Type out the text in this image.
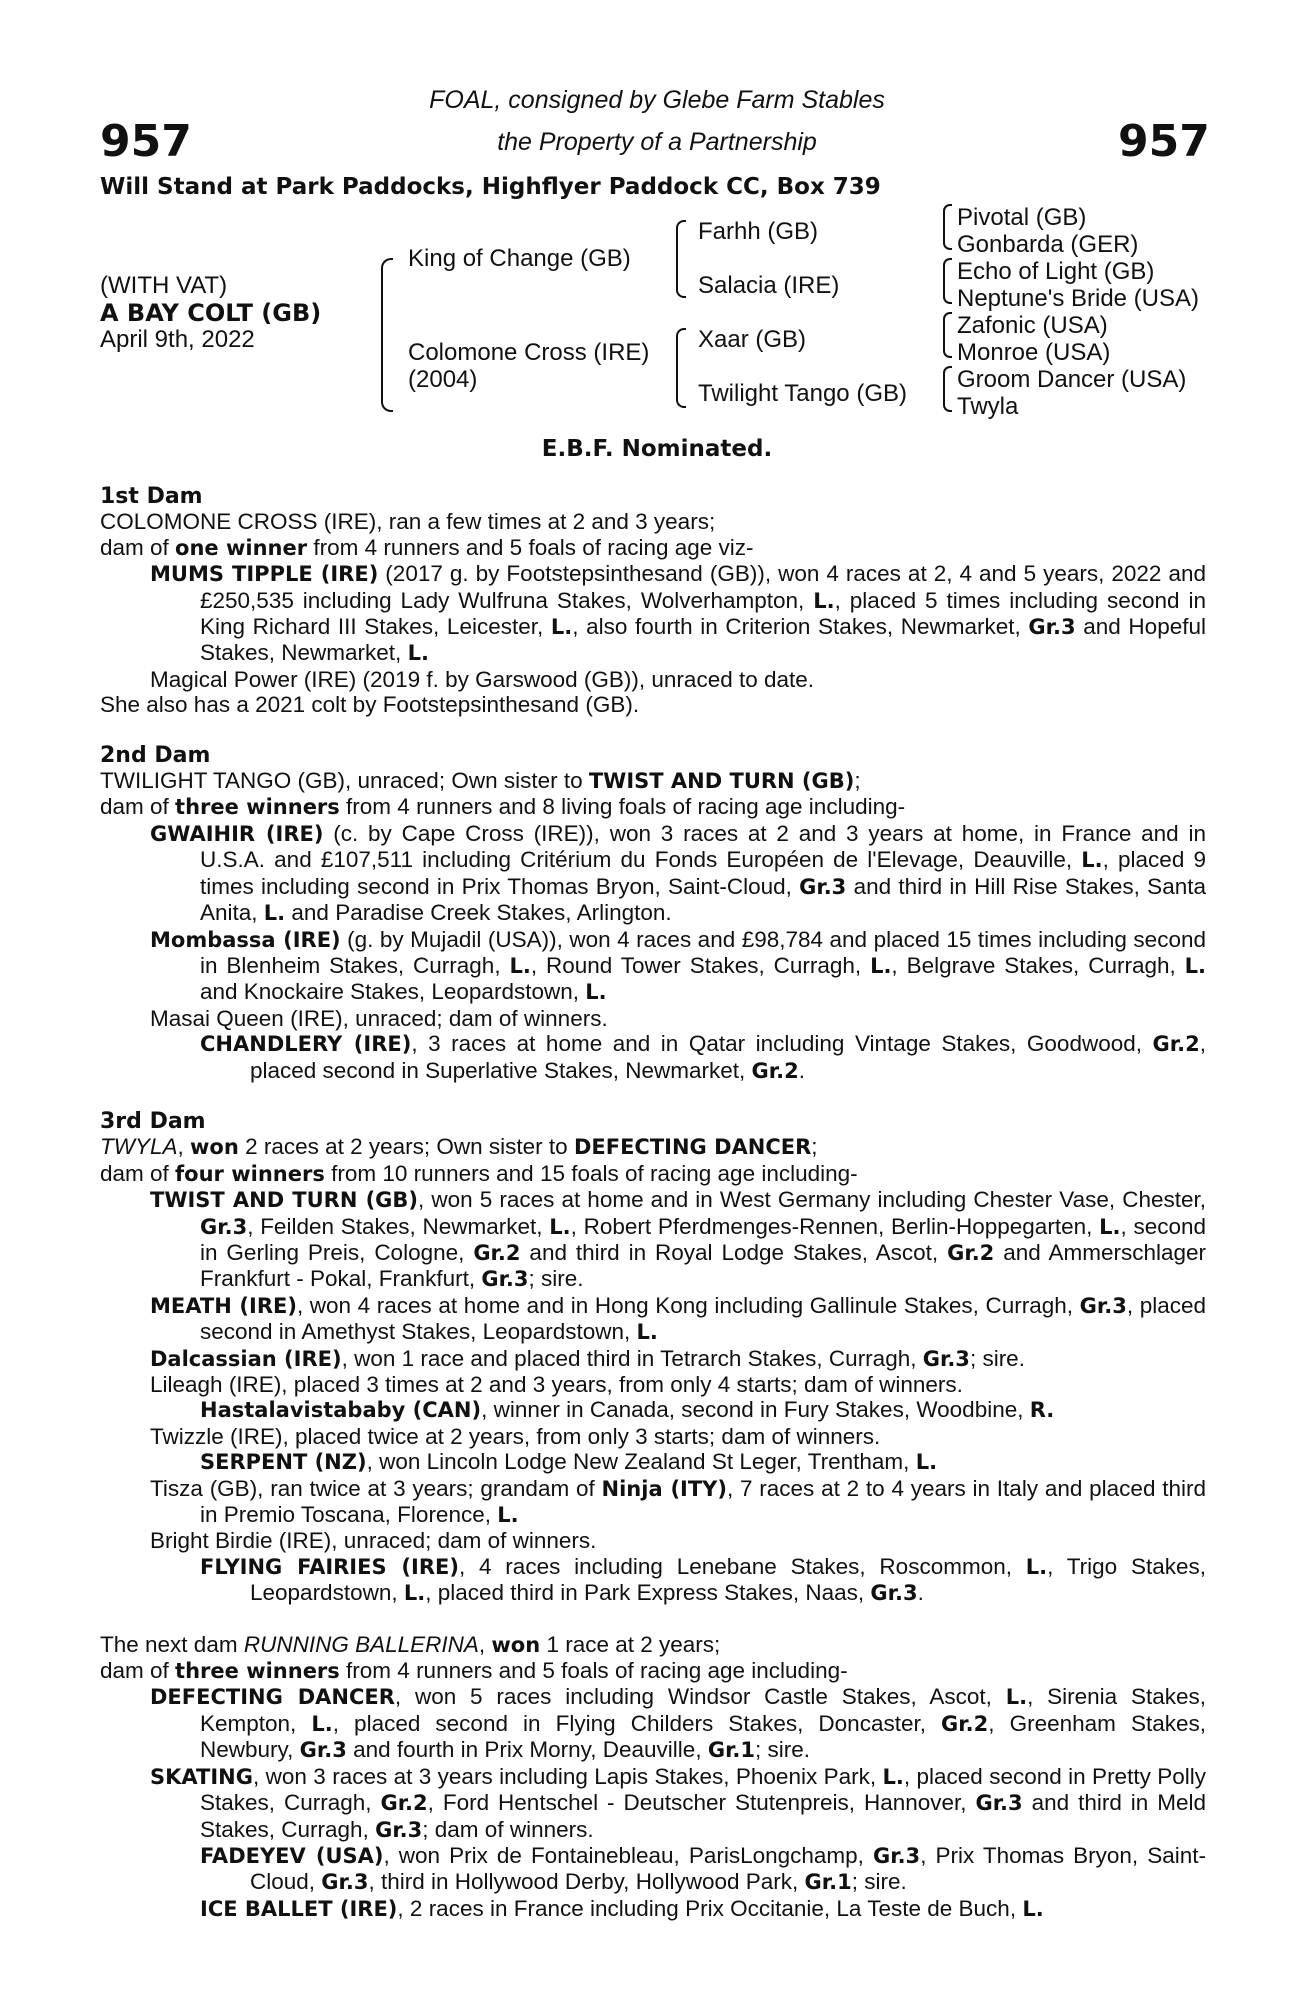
957	957
FOAL, consigned by Glebe Farm Stables
the Property of a Partnership
Will Stand at Park Paddocks, Highflyer Paddock CC, Box 739
(WITH VAT)
A BAY COLT (GB)
April 9th, 2022
King of Change (GB)
Colomone Cross (IRE)
(2004)
Farhh (GB)
Salacia (IRE)
Xaar (GB)
Twilight Tango (GB)
Pivotal (GB)
Gonbarda (GER)
Echo of Light (GB)
Neptune's Bride (USA)
Zafonic (USA)
Monroe (USA)
Groom Dancer (USA)
Twyla
E.B.F. Nominated.

1st Dam

COLOMONE CROSS (IRE), ran a few times at 2 and 3 years;

dam of one winner from 4 runners and 5 foals of racing age viz-

MUMS TIPPLE (IRE) (2017 g. by Footstepsinthesand (GB)), won 4 races at 2, 4 and 5 years, 2022 and £250,535 including Lady Wulfruna Stakes, Wolverhampton, L., placed 5 times including second in King Richard III Stakes, Leicester, L., also fourth in Criterion Stakes, Newmarket, Gr.3 and Hopeful Stakes, Newmarket, L.

Magical Power (IRE) (2019 f. by Garswood (GB)), unraced to date.

She also has a 2021 colt by Footstepsinthesand (GB).

2nd Dam

TWILIGHT TANGO (GB), unraced; Own sister to TWIST AND TURN (GB);

dam of three winners from 4 runners and 8 living foals of racing age including-

GWAIHIR (IRE) (c. by Cape Cross (IRE)), won 3 races at 2 and 3 years at home, in France and in U.S.A. and £107,511 including Critérium du Fonds Européen de l'Elevage, Deauville, L., placed 9 times including second in Prix Thomas Bryon, Saint-Cloud, Gr.3 and third in Hill Rise Stakes, Santa Anita, L. and Paradise Creek Stakes, Arlington.

Mombassa (IRE) (g. by Mujadil (USA)), won 4 races and £98,784 and placed 15 times including second in Blenheim Stakes, Curragh, L., Round Tower Stakes, Curragh, L., Belgrave Stakes, Curragh, L. and Knockaire Stakes, Leopardstown, L.

Masai Queen (IRE), unraced; dam of winners.

CHANDLERY (IRE), 3 races at home and in Qatar including Vintage Stakes, Goodwood, Gr.2, placed second in Superlative Stakes, Newmarket, Gr.2.

3rd Dam

TWYLA, won 2 races at 2 years; Own sister to DEFECTING DANCER;

dam of four winners from 10 runners and 15 foals of racing age including-

TWIST AND TURN (GB), won 5 races at home and in West Germany including Chester Vase, Chester, Gr.3, Feilden Stakes, Newmarket, L., Robert Pferdmenges-Rennen, Berlin-Hoppegarten, L., second in Gerling Preis, Cologne, Gr.2 and third in Royal Lodge Stakes, Ascot, Gr.2 and Ammerschlager Frankfurt - Pokal, Frankfurt, Gr.3; sire.

MEATH (IRE), won 4 races at home and in Hong Kong including Gallinule Stakes, Curragh, Gr.3, placed second in Amethyst Stakes, Leopardstown, L.

Dalcassian (IRE), won 1 race and placed third in Tetrarch Stakes, Curragh, Gr.3; sire.

Lileagh (IRE), placed 3 times at 2 and 3 years, from only 4 starts; dam of winners.

Hastalavistababy (CAN), winner in Canada, second in Fury Stakes, Woodbine, R.

Twizzle (IRE), placed twice at 2 years, from only 3 starts; dam of winners.

SERPENT (NZ), won Lincoln Lodge New Zealand St Leger, Trentham, L.

Tisza (GB), ran twice at 3 years; grandam of Ninja (ITY), 7 races at 2 to 4 years in Italy and placed third in Premio Toscana, Florence, L.

Bright Birdie (IRE), unraced; dam of winners.

FLYING FAIRIES (IRE), 4 races including Lenebane Stakes, Roscommon, L., Trigo Stakes, Leopardstown, L., placed third in Park Express Stakes, Naas, Gr.3.

The next dam RUNNING BALLERINA, won 1 race at 2 years;

dam of three winners from 4 runners and 5 foals of racing age including-

DEFECTING DANCER, won 5 races including Windsor Castle Stakes, Ascot, L., Sirenia Stakes, Kempton, L., placed second in Flying Childers Stakes, Doncaster, Gr.2, Greenham Stakes, Newbury, Gr.3 and fourth in Prix Morny, Deauville, Gr.1; sire.

SKATING, won 3 races at 3 years including Lapis Stakes, Phoenix Park, L., placed second in Pretty Polly Stakes, Curragh, Gr.2, Ford Hentschel - Deutscher Stutenpreis, Hannover, Gr.3 and third in Meld Stakes, Curragh, Gr.3; dam of winners.

FADEYEV (USA), won Prix de Fontainebleau, ParisLongchamp, Gr.3, Prix Thomas Bryon, Saint-Cloud, Gr.3, third in Hollywood Derby, Hollywood Park, Gr.1; sire.

ICE BALLET (IRE), 2 races in France including Prix Occitanie, La Teste de Buch, L.
